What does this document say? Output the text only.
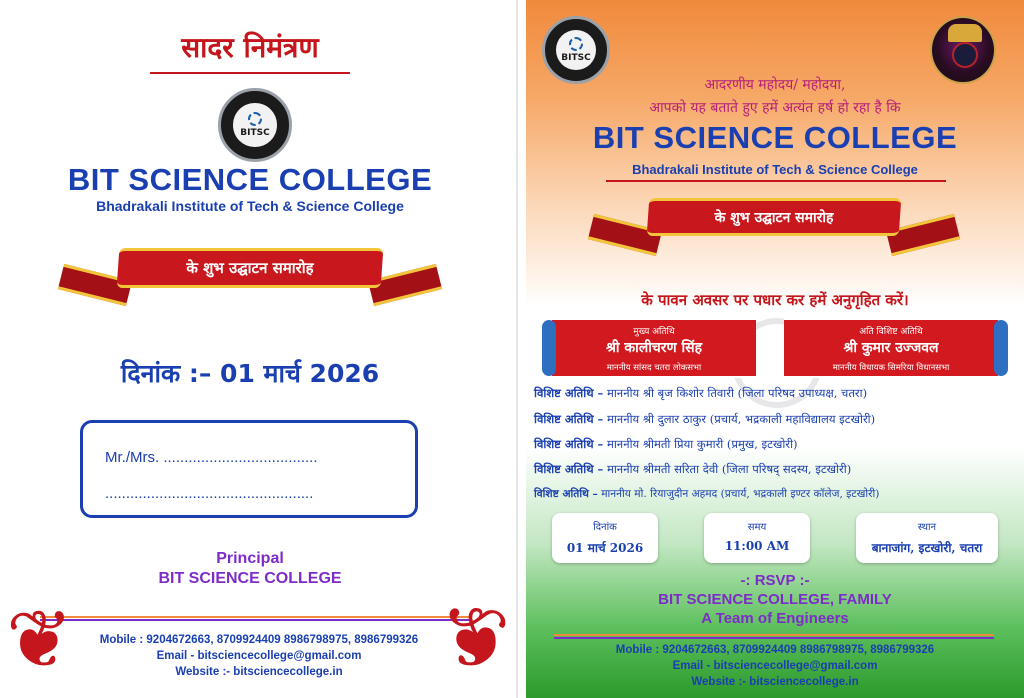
सादर निमंत्रण
BITSC
BIT SCIENCE COLLEGE
Bhadrakali Institute of Tech & Science College
के शुभ उद्घाटन समारोह
दिनांक :– 01 मार्च 2026
Mr./Mrs. .....................................
..................................................
Principal
BIT SCIENCE COLLEGE
Mobile : 9204672663, 8709924409 8986798975, 8986799326
Email - bitsciencecollege@gmail.com
Website :- bitsciencecollege.in
❦	❦
BITSC
आदरणीय महोदय/ महोदया,
आपको यह बताते हुए हमें अत्यंत हर्ष हो रहा है कि
BIT SCIENCE COLLEGE
Bhadrakali Institute of Tech & Science College
के शुभ उद्घाटन समारोह
के पावन अवसर पर पधार कर हमें अनुगृहित करें।
मुख्य अतिथि
श्री कालीचरण सिंह
माननीय सांसद चतरा लोकसभा
अति विशिष्ट अतिथि
श्री कुमार उज्जवल
माननीय विधायक सिमरिया विधानसभा
विशिष्ट अतिथि – माननीय श्री बृज किशोर तिवारी (जिला परिषद उपाध्यक्ष, चतरा)
विशिष्ट अतिथि – माननीय श्री दुलार ठाकुर (प्रचार्य, भद्रकाली महाविद्यालय इटखोरी)
विशिष्ट अतिथि – माननीय श्रीमती प्रिया कुमारी (प्रमुख, इटखोरी)
विशिष्ट अतिथि – माननीय श्रीमती सरिता देवी (जिला परिषद् सदस्य, इटखोरी)
विशिष्ट अतिथि – माननीय मो. रियाजुदीन अहमद (प्रचार्य, भद्रकाली इण्टर कॉलेज, इटखोरी)
दिनांक
01 मार्च 2026
समय
11:00 AM
स्थान
बानाजांग, इटखोरी, चतरा
-: RSVP :-
BIT SCIENCE COLLEGE, FAMILY
A Team of Engineers
Mobile : 9204672663, 8709924409 8986798975, 8986799326
Email - bitsciencecollege@gmail.com
Website :- bitsciencecollege.in
